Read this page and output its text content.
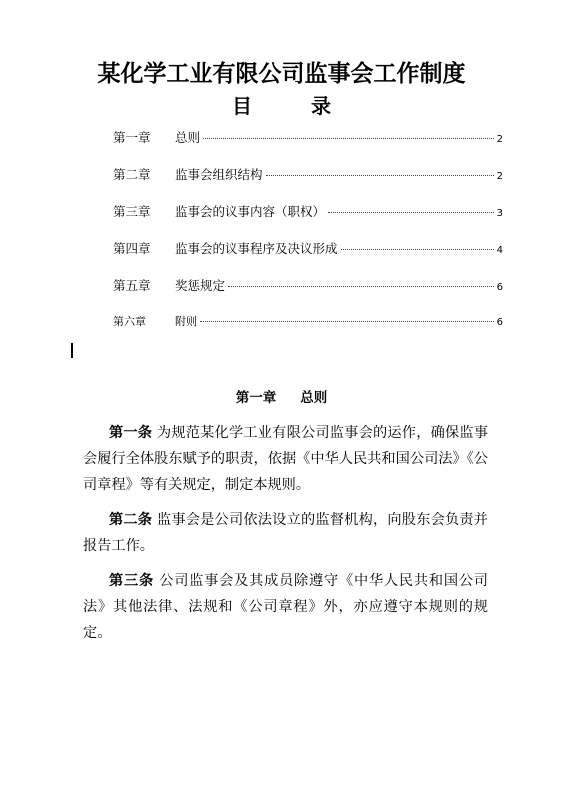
某化学工业有限公司监事会工作制度
目 录
第一章	总则	2
第二章	监事会组织结构	2
第三章	监事会的议事内容（职权）	3
第四章	监事会的议事程序及决议形成	4
第五章	奖惩规定	6
第六章	附则	6
第一章 总则

第一条 为规范某化学工业有限公司监事会的运作，确保监事会履行全体股东赋予的职责，依据《中华人民共和国公司法》《公司章程》等有关规定，制定本规则。

第二条 监事会是公司依法设立的监督机构，向股东会负责并报告工作。

第三条 公司监事会及其成员除遵守《中华人民共和国公司法》其他法律、法规和《公司章程》外，亦应遵守本规则的规定。
